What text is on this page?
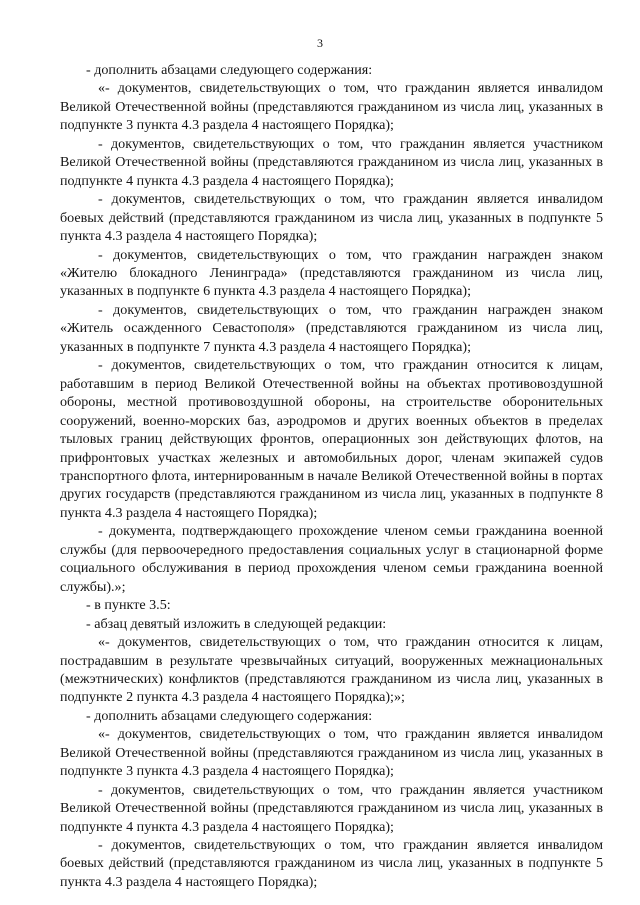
3

- дополнить абзацами следующего содержания:

«- документов, свидетельствующих о том, что гражданин является инвалидом Великой Отечественной войны (представляются гражданином из числа лиц, указанных в подпункте 3 пункта 4.3 раздела 4 настоящего Порядка);

- документов, свидетельствующих о том, что гражданин является участником Великой Отечественной войны (представляются гражданином из числа лиц, указанных в подпункте 4 пункта 4.3 раздела 4 настоящего Порядка);

- документов, свидетельствующих о том, что гражданин является инвалидом боевых действий (представляются гражданином из числа лиц, указанных в подпункте 5 пункта 4.3 раздела 4 настоящего Порядка);

- документов, свидетельствующих о том, что гражданин награжден знаком «Жителю блокадного Ленинграда» (представляются гражданином из числа лиц, указанных в подпункте 6 пункта 4.3 раздела 4 настоящего Порядка);

- документов, свидетельствующих о том, что гражданин награжден знаком «Житель осажденного Севастополя» (представляются гражданином из числа лиц, указанных в подпункте 7 пункта 4.3 раздела 4 настоящего Порядка);

- документов, свидетельствующих о том, что гражданин относится к лицам, работавшим в период Великой Отечественной войны на объектах противовоздушной обороны, местной противовоздушной обороны, на строительстве оборонительных сооружений, военно-морских баз, аэродромов и других военных объектов в пределах тыловых границ действующих фронтов, операционных зон действующих флотов, на прифронтовых участках железных и автомобильных дорог, членам экипажей судов транспортного флота, интернированным в начале Великой Отечественной войны в портах других государств (представляются гражданином из числа лиц, указанных в подпункте 8 пункта 4.3 раздела 4 настоящего Порядка);

- документа, подтверждающего прохождение членом семьи гражданина военной службы (для первоочередного предоставления социальных услуг в стационарной форме социального обслуживания в период прохождения членом семьи гражданина военной службы).»;

- в пункте 3.5:

- абзац девятый изложить в следующей редакции:

«- документов, свидетельствующих о том, что гражданин относится к лицам, пострадавшим в результате чрезвычайных ситуаций, вооруженных межнациональных (межэтнических) конфликтов (представляются гражданином из числа лиц, указанных в подпункте 2 пункта 4.3 раздела 4 настоящего Порядка);»;

- дополнить абзацами следующего содержания:

«- документов, свидетельствующих о том, что гражданин является инвалидом Великой Отечественной войны (представляются гражданином из числа лиц, указанных в подпункте 3 пункта 4.3 раздела 4 настоящего Порядка);

- документов, свидетельствующих о том, что гражданин является участником Великой Отечественной войны (представляются гражданином из числа лиц, указанных в подпункте 4 пункта 4.3 раздела 4 настоящего Порядка);

- документов, свидетельствующих о том, что гражданин является инвалидом боевых действий (представляются гражданином из числа лиц, указанных в подпункте 5 пункта 4.3 раздела 4 настоящего Порядка);
